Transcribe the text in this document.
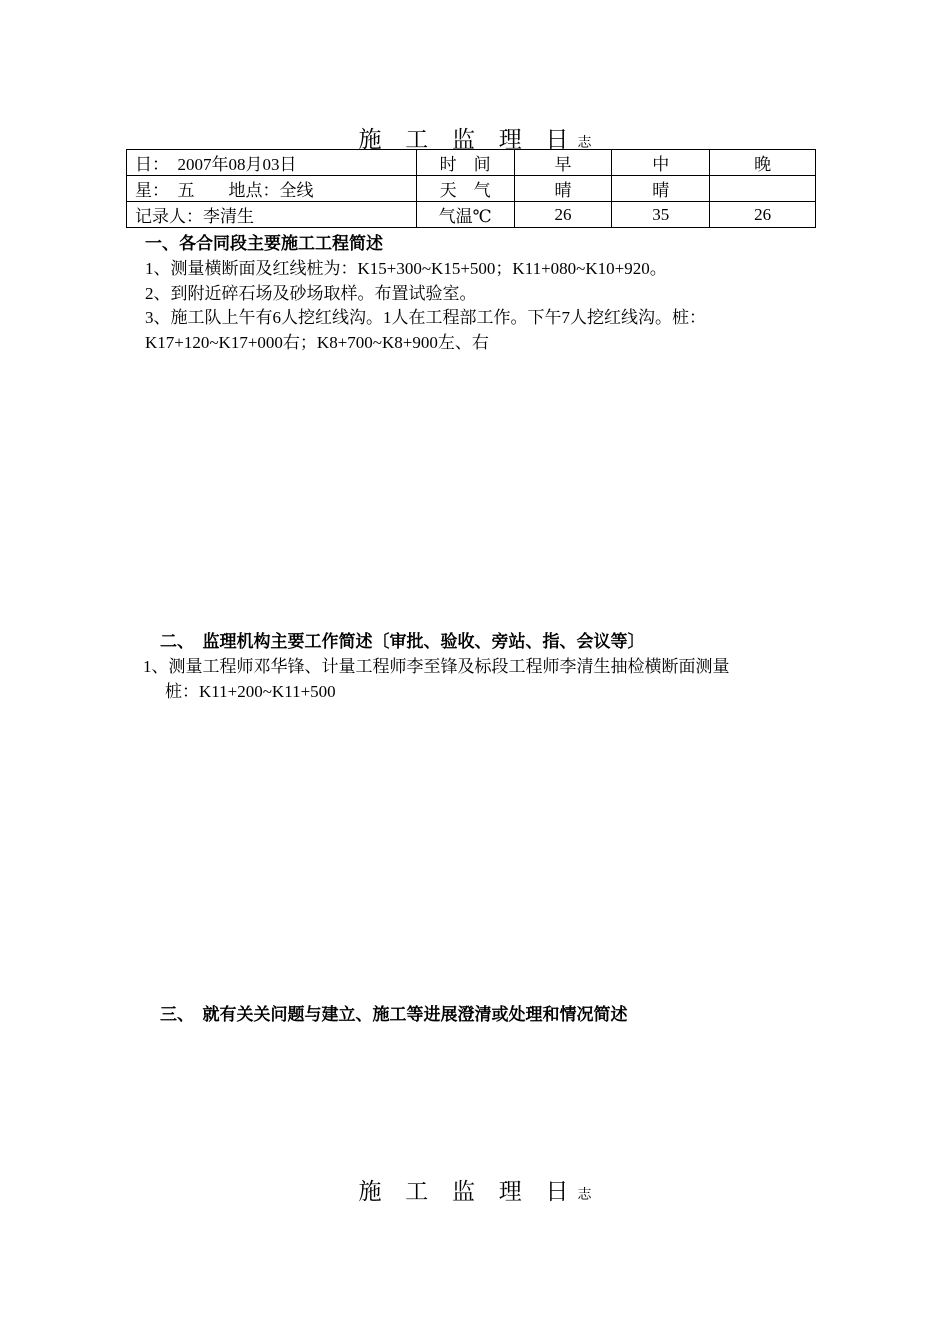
施 工 监 理 日志
日：　2007年08月03日	时　间	早	中	晚
星：　五　　地点：全线	天　气	晴	晴	
记录人：李清生	气温℃	26	35	26
一、各合同段主要施工工程简述
1、测量横断面及红线桩为：K15+300~K15+500；K11+080~K10+920。
2、到附近碎石场及砂场取样。布置试验室。
3、施工队上午有6人挖红线沟。1人在工程部工作。下午7人挖红线沟。桩：
K17+120~K17+000右；K8+700~K8+900左、右
二、　监理机构主要工作简述〔审批、验收、旁站、指、会议等〕
1、测量工程师邓华锋、计量工程师李至锋及标段工程师李清生抽检横断面测量
桩：K11+200~K11+500
三、　就有关关问题与建立、施工等进展澄清或处理和情况简述
施 工 监 理 日志
